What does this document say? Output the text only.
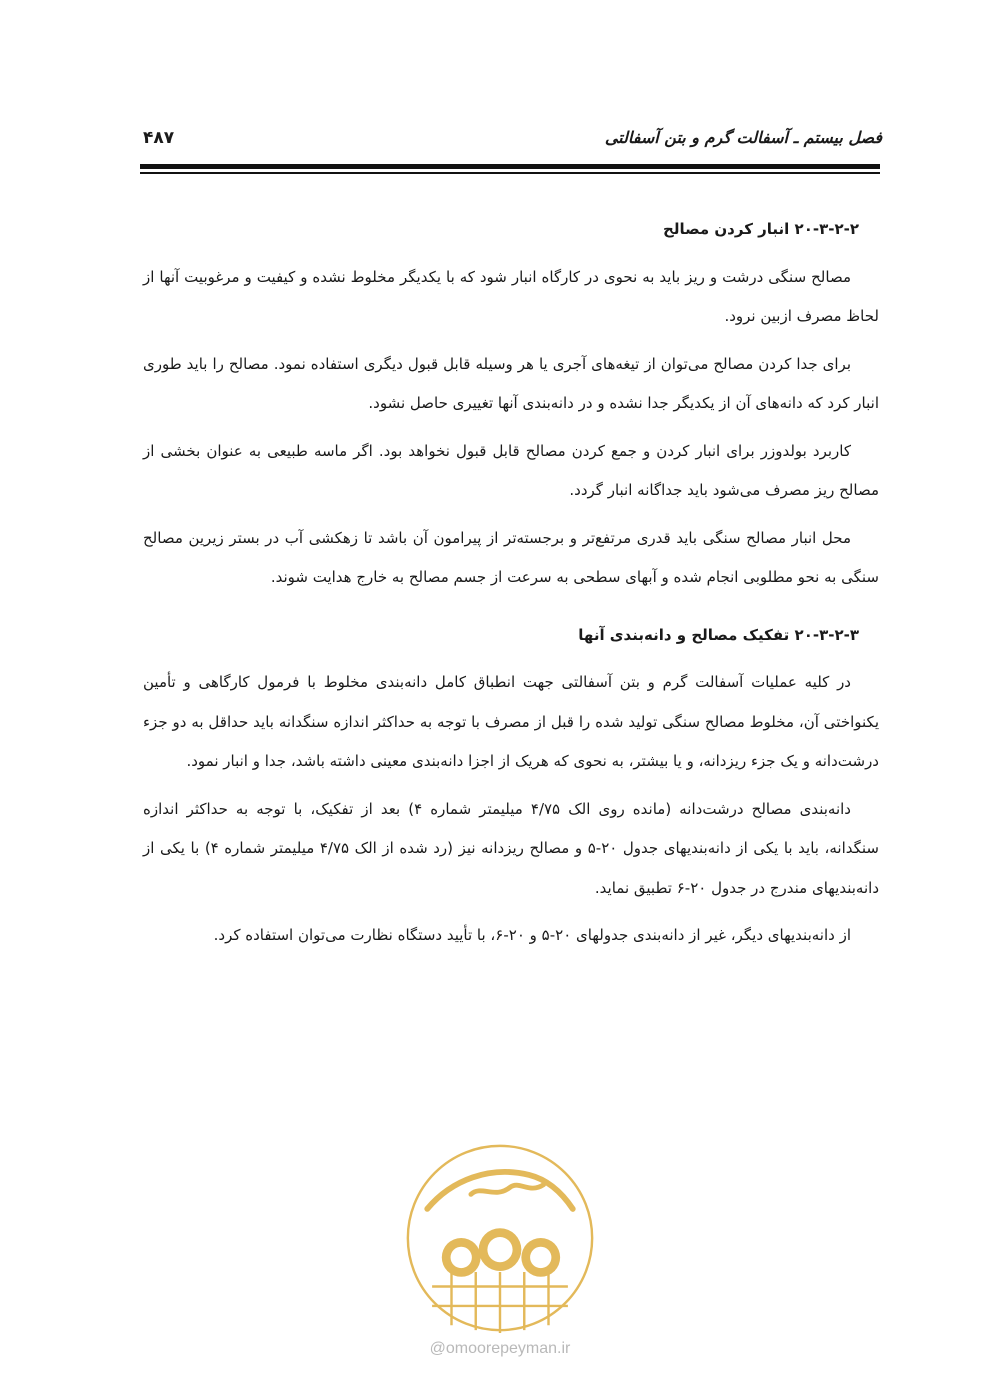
فصل بیستم ـ آسفالت گرم و بتن آسفالتی
۴۸۷
۲۰-۳-۲-۲ انبار کردن مصالح

مصالح سنگی درشت و ریز باید به نحوی در کارگاه انبار شود که با یکدیگر مخلوط نشده و کیفیت و مرغوبیت آنها از لحاظ مصرف ازبین نرود.

برای جدا کردن مصالح می‌توان از تیغه‌های آجری یا هر وسیله قابل قبول دیگری استفاده نمود. مصالح را باید طوری انبار کرد که دانه‌های آن از یکدیگر جدا نشده و در دانه‌بندی آنها تغییری حاصل نشود.

کاربرد بولدوزر برای انبار کردن و جمع کردن مصالح قابل قبول نخواهد بود. اگر ماسه طبیعی به عنوان بخشی از مصالح ریز مصرف می‌شود باید جداگانه انبار گردد.

محل انبار مصالح سنگی باید قدری مرتفع‌تر و برجسته‌تر از پیرامون آن باشد تا زهکشی آب در بستر زیرین مصالح سنگی به نحو مطلوبی انجام شده و آبهای سطحی به سرعت از جسم مصالح به خارج هدایت شوند.

۲۰-۳-۲-۳ تفکیک مصالح و دانه‌بندی آنها

در کلیه عملیات آسفالت گرم و بتن آسفالتی جهت انطباق کامل دانه‌بندی مخلوط با فرمول کارگاهی و تأمین یکنواختی آن، مخلوط مصالح سنگی تولید شده را قبل از مصرف با توجه به حداکثر اندازه سنگدانه باید حداقل به دو جزء درشت‌دانه و یک جزء ریزدانه، و یا بیشتر، به نحوی که هریک از اجزا دانه‌بندی معینی داشته باشد، جدا و انبار نمود.

دانه‌بندی مصالح درشت‌دانه (مانده روی الک ۴/۷۵ میلیمتر شماره ۴) بعد از تفکیک، با توجه به حداکثر اندازه سنگدانه، باید با یکی از دانه‌بندیهای جدول ۲۰-۵ و مصالح ریزدانه نیز (رد شده از الک ۴/۷۵ میلیمتر شماره ۴) با یکی از دانه‌بندیهای مندرج در جدول ۲۰-۶ تطبیق نماید.

از دانه‌بندیهای دیگر، غیر از دانه‌بندی جدولهای ۲۰-۵ و ۲۰-۶، با تأیید دستگاه نظارت می‌توان استفاده کرد.

@omoorepeyman.ir
